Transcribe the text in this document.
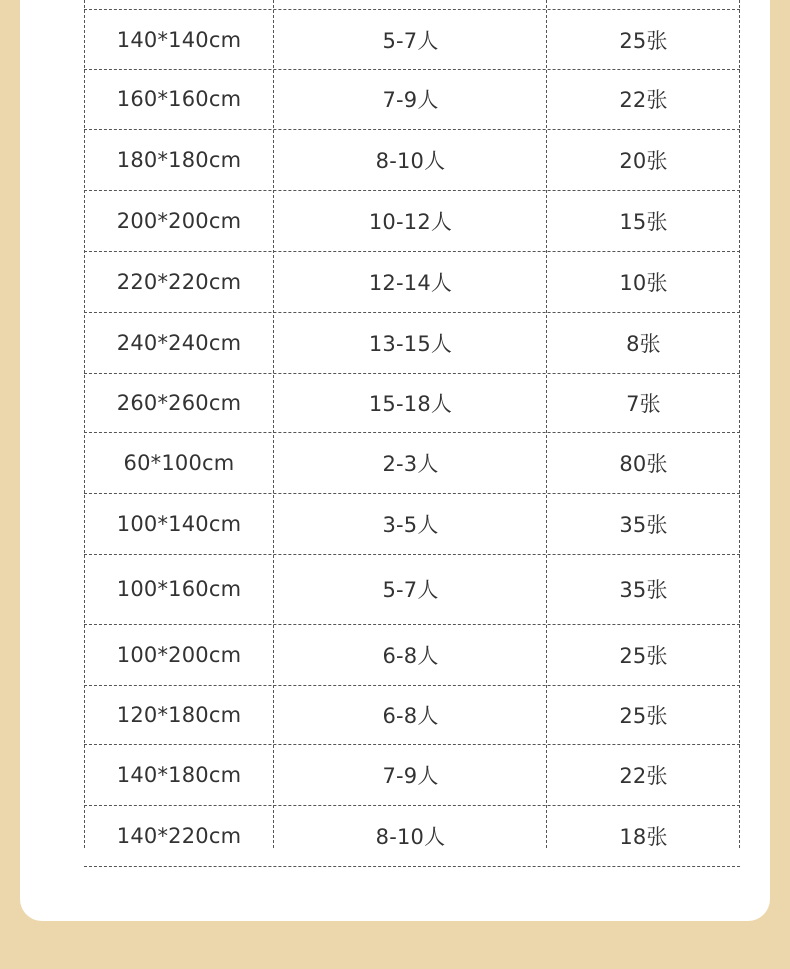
140*140cm	5-7人	25张
160*160cm	7-9人	22张
180*180cm	8-10人	20张
200*200cm	10-12人	15张
220*220cm	12-14人	10张
240*240cm	13-15人	8张
260*260cm	15-18人	7张
60*100cm	2-3人	80张
100*140cm	3-5人	35张
100*160cm	5-7人	35张
100*200cm	6-8人	25张
120*180cm	6-8人	25张
140*180cm	7-9人	22张
140*220cm	8-10人	18张
